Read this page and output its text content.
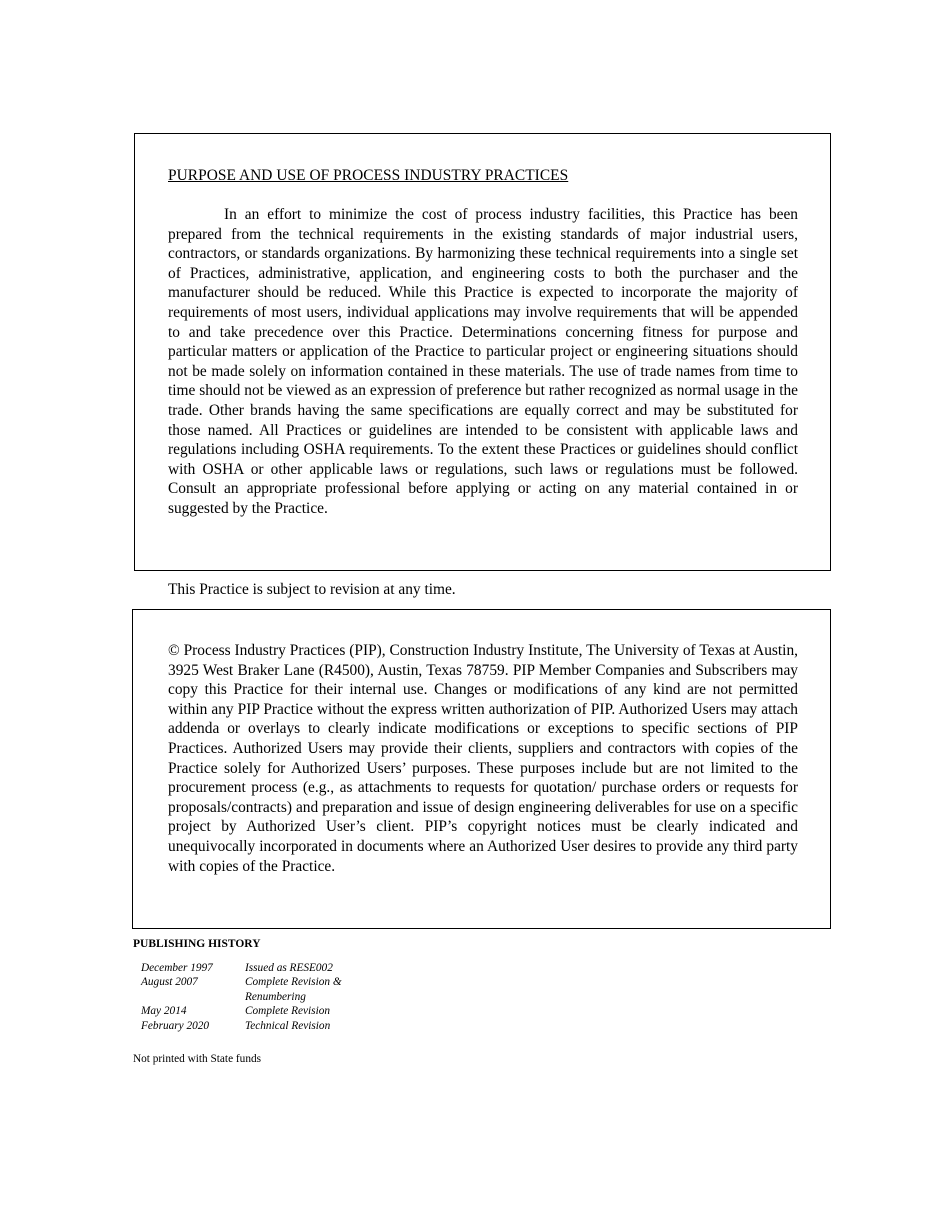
PURPOSE AND USE OF PROCESS INDUSTRY PRACTICES

In an effort to minimize the cost of process industry facilities, this Practice has been prepared from the technical requirements in the existing standards of major industrial users, contractors, or standards organizations. By harmonizing these technical requirements into a single set of Practices, administrative, application, and engineering costs to both the purchaser and the manufacturer should be reduced. While this Practice is expected to incorporate the majority of requirements of most users, individual applications may involve requirements that will be appended to and take precedence over this Practice. Determinations concerning fitness for purpose and particular matters or application of the Practice to particular project or engineering situations should not be made solely on information contained in these materials. The use of trade names from time to time should not be viewed as an expression of preference but rather recognized as normal usage in the trade. Other brands having the same specifications are equally correct and may be substituted for those named. All Practices or guidelines are intended to be consistent with applicable laws and regulations including OSHA requirements. To the extent these Practices or guidelines should conflict with OSHA or other applicable laws or regulations, such laws or regulations must be followed. Consult an appropriate professional before applying or acting on any material contained in or suggested by the Practice.

This Practice is subject to revision at any time.

© Process Industry Practices (PIP), Construction Industry Institute, The University of Texas at Austin, 3925 West Braker Lane (R4500), Austin, Texas 78759. PIP Member Companies and Subscribers may copy this Practice for their internal use. Changes or modifications of any kind are not permitted within any PIP Practice without the express written authorization of PIP. Authorized Users may attach addenda or overlays to clearly indicate modifications or exceptions to specific sections of PIP Practices. Authorized Users may provide their clients, suppliers and contractors with copies of the Practice solely for Authorized Users’ purposes. These purposes include but are not limited to the procurement process (e.g., as attachments to requests for quotation/ purchase orders or requests for proposals/contracts) and preparation and issue of design engineering deliverables for use on a specific project by Authorized User’s client. PIP’s copyright notices must be clearly indicated and unequivocally incorporated in documents where an Authorized User desires to provide any third party with copies of the Practice.

PUBLISHING HISTORY

December 1997	Issued as RESE002
August 2007	Complete Revision & Renumbering
May 2014	Complete Revision
February 2020	Technical Revision

Not printed with State funds
